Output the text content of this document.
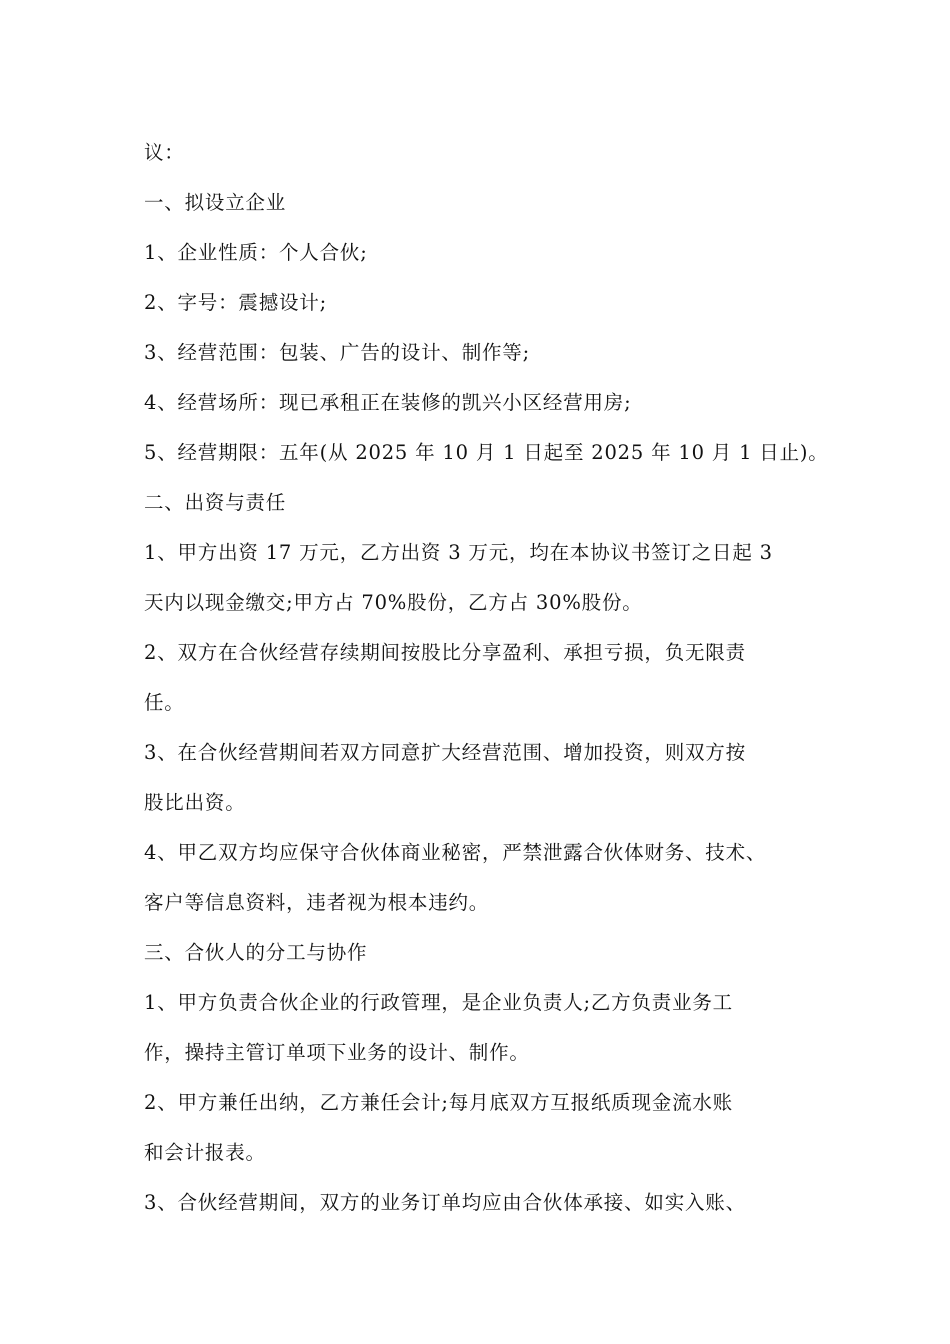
议：
一、拟设立企业
1、企业性质：个人合伙;
2、字号：震撼设计;
3、经营范围：包装、广告的设计、制作等;
4、经营场所：现已承租正在装修的凯兴小区经营用房;
5、经营期限：五年(从 2025 年 10 月 1 日起至 2025 年 10 月 1 日止)。
二、出资与责任
1、甲方出资 17 万元，乙方出资 3 万元，均在本协议书签订之日起 3
天内以现金缴交;甲方占 70%股份，乙方占 30%股份。
2、双方在合伙经营存续期间按股比分享盈利、承担亏损，负无限责
任。
3、在合伙经营期间若双方同意扩大经营范围、增加投资，则双方按
股比出资。
4、甲乙双方均应保守合伙体商业秘密，严禁泄露合伙体财务、技术、
客户等信息资料，违者视为根本违约。
三、合伙人的分工与协作
1、甲方负责合伙企业的行政管理，是企业负责人;乙方负责业务工
作，操持主管订单项下业务的设计、制作。
2、甲方兼任出纳，乙方兼任会计;每月底双方互报纸质现金流水账
和会计报表。
3、合伙经营期间，双方的业务订单均应由合伙体承接、如实入账、
